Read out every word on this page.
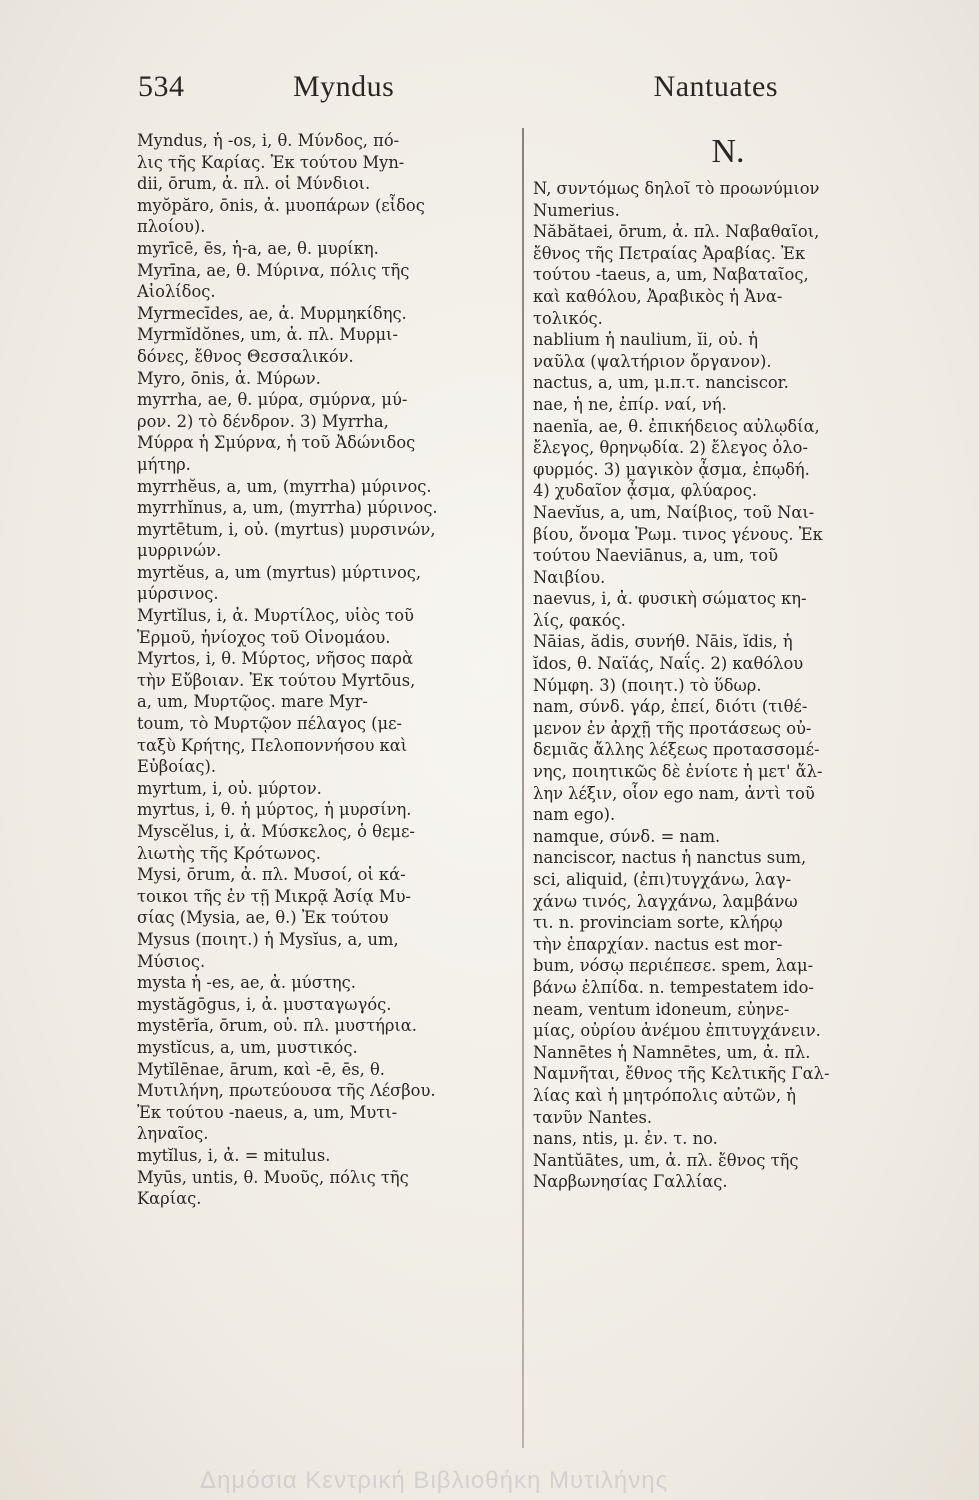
534	Myndus	Nantuates
Myndus, ἡ -os, i, θ. Μύνδος, πό-
λις τῆς Καρίας. Ἐκ τούτου Myn-
dii, ōrum, ἀ. πλ. οἱ Μύνδιοι.
myŏpăro, ōnis, ἀ. μυοπάρων (εἶδος
πλοίου).
myrīcē, ēs, ἡ-a, ae, θ. μυρίκη.
Myrīna, ae, θ. Μύρινα, πόλις τῆς
Αἰολίδος.
Myrmecīdes, ae, ἀ. Μυρμηκίδης.
Myrmĭdŏnes, um, ἀ. πλ. Μυρμι-
δόνες, ἔθνος Θεσσαλικόν.
Myro, ōnis, ἀ. Μύρων.
myrrha, ae, θ. μύρα, σμύρνα, μύ-
ρον. 2) τὸ δένδρον. 3) Myrrha,
Μύρρα ἡ Σμύρνα, ἡ τοῦ Ἀδώνιδος
μήτηρ.
myrrhĕus, a, um, (myrrha) μύρινος.
myrrhĭnus, a, um, (myrrha) μύρινος.
myrtētum, i, οὐ. (myrtus) μυρσινών,
μυρρινών.
myrtĕus, a, um (myrtus) μύρτινος,
μύρσινος.
Myrtĭlus, i, ἀ. Μυρτίλος, υἱὸς τοῦ
Ἑρμοῦ, ἡνίοχος τοῦ Οἰνομάου.
Myrtos, i, θ. Μύρτος, νῆσος παρὰ
τὴν Εὔβοιαν. Ἐκ τούτου Myrtōus,
a, um, Μυρτῷος. mare Myr-
toum, τὸ Μυρτῷον πέλαγος (με-
ταξὺ Κρήτης, Πελοποννήσου καὶ
Εὐβοίας).
myrtum, i, οὐ. μύρτον.
myrtus, i, θ. ἡ μύρτος, ἡ μυρσίνη.
Myscĕlus, i, ἀ. Μύσκελος, ὁ θεμε-
λιωτὴς τῆς Κρότωνος.
Mysi, ōrum, ἀ. πλ. Μυσοί, οἱ κά-
τοικοι τῆς ἐν τῇ Μικρᾷ Ἀσίᾳ Μυ-
σίας (Mysia, ae, θ.) Ἐκ τούτου
Mysus (ποιητ.) ἡ Mysĭus, a, um,
Μύσιος.
mysta ἡ -es, ae, ἀ. μύστης.
mystăgōgus, i, ἀ. μυσταγωγός.
mystērĭa, ōrum, οὐ. πλ. μυστήρια.
mystĭcus, a, um, μυστικός.
Mytĭlēnae, ārum, καὶ -ē, ēs, θ.
Μυτιλήνη, πρωτεύουσα τῆς Λέσβου.
Ἐκ τούτου -naeus, a, um, Μυτι-
ληναῖος.
mytĭlus, i, ἀ. = mitulus.
Myūs, untis, θ. Μυοῦς, πόλις τῆς
Καρίας.
N.
N, συντόμως δηλοῖ τὸ πρoωνύμιον
Numerius.
Năbătaei, ōrum, ἀ. πλ. Ναβαθαῖοι,
ἔθνος τῆς Πετραίας Ἀραβίας. Ἐκ
τούτου -taeus, a, um, Ναβαταῖος,
καὶ καθόλου, Ἀραβικὸς ἡ Ἀνα-
τολικός.
nablium ἡ naulium, ĭi, οὐ. ἡ
ναῦλα (ψαλτήριον ὄργανον).
nactus, a, um, μ.π.τ. nanciscor.
nae, ἡ ne, ἐπίρ. ναί, νή.
naenĭa, ae, θ. ἐπικήδειος αὐλῳδία,
ἔλεγος, θρηνῳδία. 2) ἔλεγος ὀλο-
φυρμός. 3) μαγικὸν ᾆσμα, ἐπῳδή.
4) χυδαῖον ᾆσμα, φλύαρος.
Naevĭus, a, um, Ναίβιος, τοῦ Ναι-
βίου, ὄνομα Ῥωμ. τινος γένους. Ἐκ
τούτου Naeviānus, a, um, τοῦ
Ναιβίου.
naevus, i, ἀ. φυσικὴ σώματος κη-
λίς, φακός.
Nāias, ădis, συνήθ. Nāis, ĭdis, ἡ
ĭdos, θ. Ναϊάς, Ναΐς. 2) καθόλου
Νύμφη. 3) (ποιητ.) τὸ ὕδωρ.
nam, σύνδ. γάρ, ἐπεί, διότι (τιθέ-
μενον ἐν ἀρχῇ τῆς προτάσεως οὐ-
δεμιᾶς ἄλλης λέξεως προτασσομέ-
νης, ποιητικῶς δὲ ἐνίοτε ἡ μετ' ἄλ-
λην λέξιν, οἷον ego nam, ἀντὶ τοῦ
nam ego).
namque, σύνδ. = nam.
nanciscor, nactus ἡ nanctus sum,
sci, aliquid, (ἐπι)τυγχάνω, λαγ-
χάνω τινός, λαγχάνω, λαμβάνω
τι. n. provinciam sorte, κλήρῳ
τὴν ἐπαρχίαν. nactus est mor-
bum, νόσῳ περιέπεσε. spem, λαμ-
βάνω ἐλπίδα. n. tempestatem ido-
neam, ventum idoneum, εὐηνε-
μίας, οὐρίου ἀνέμου ἐπιτυγχάνειν.
Nannētes ἡ Namnētes, um, ἀ. πλ.
Ναμνῆται, ἔθνος τῆς Κελτικῆς Γαλ-
λίας καὶ ἡ μητρόπολις αὐτῶν, ἡ
τανῦν Nantes.
nans, ntis, μ. ἐν. τ. no.
Nantŭātes, um, ἀ. πλ. ἔθνος τῆς
Ναρβωνησίας Γαλλίας.
Δημόσια Κεντρική Βιβλιοθήκη Μυτιλήνης
